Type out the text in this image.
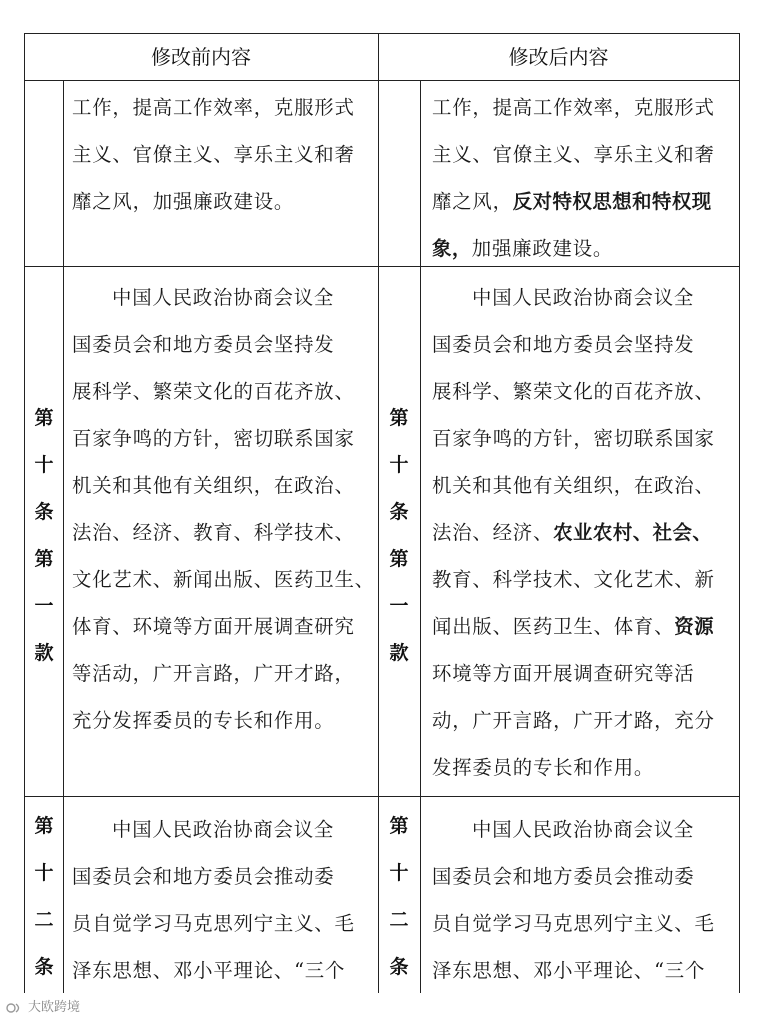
修改前内容	修改后内容
第
十
条
第
一
款
第
十
条
第
一
款
第
十
二
条
第
十
二
条
工作，提高工作效率，克服形式
主义、官僚主义、享乐主义和奢
靡之风，加强廉政建设。
工作，提高工作效率，克服形式
主义、官僚主义、享乐主义和奢
靡之风，反对特权思想和特权现
象，加强廉政建设。
中国人民政治协商会议全
国委员会和地方委员会坚持发
展科学、繁荣文化的百花齐放、
百家争鸣的方针，密切联系国家
机关和其他有关组织，在政治、
法治、经济、教育、科学技术、
文化艺术、新闻出版、医药卫生、
体育、环境等方面开展调查研究
等活动，广开言路，广开才路，
充分发挥委员的专长和作用。
中国人民政治协商会议全
国委员会和地方委员会坚持发
展科学、繁荣文化的百花齐放、
百家争鸣的方针，密切联系国家
机关和其他有关组织，在政治、
法治、经济、农业农村、社会、
教育、科学技术、文化艺术、新
闻出版、医药卫生、体育、资源
环境等方面开展调查研究等活
动，广开言路，广开才路，充分
发挥委员的专长和作用。
中国人民政治协商会议全
国委员会和地方委员会推动委
员自觉学习马克思列宁主义、毛
泽东思想、邓小平理论、“三个
中国人民政治协商会议全
国委员会和地方委员会推动委
员自觉学习马克思列宁主义、毛
泽东思想、邓小平理论、“三个
大欧跨境
